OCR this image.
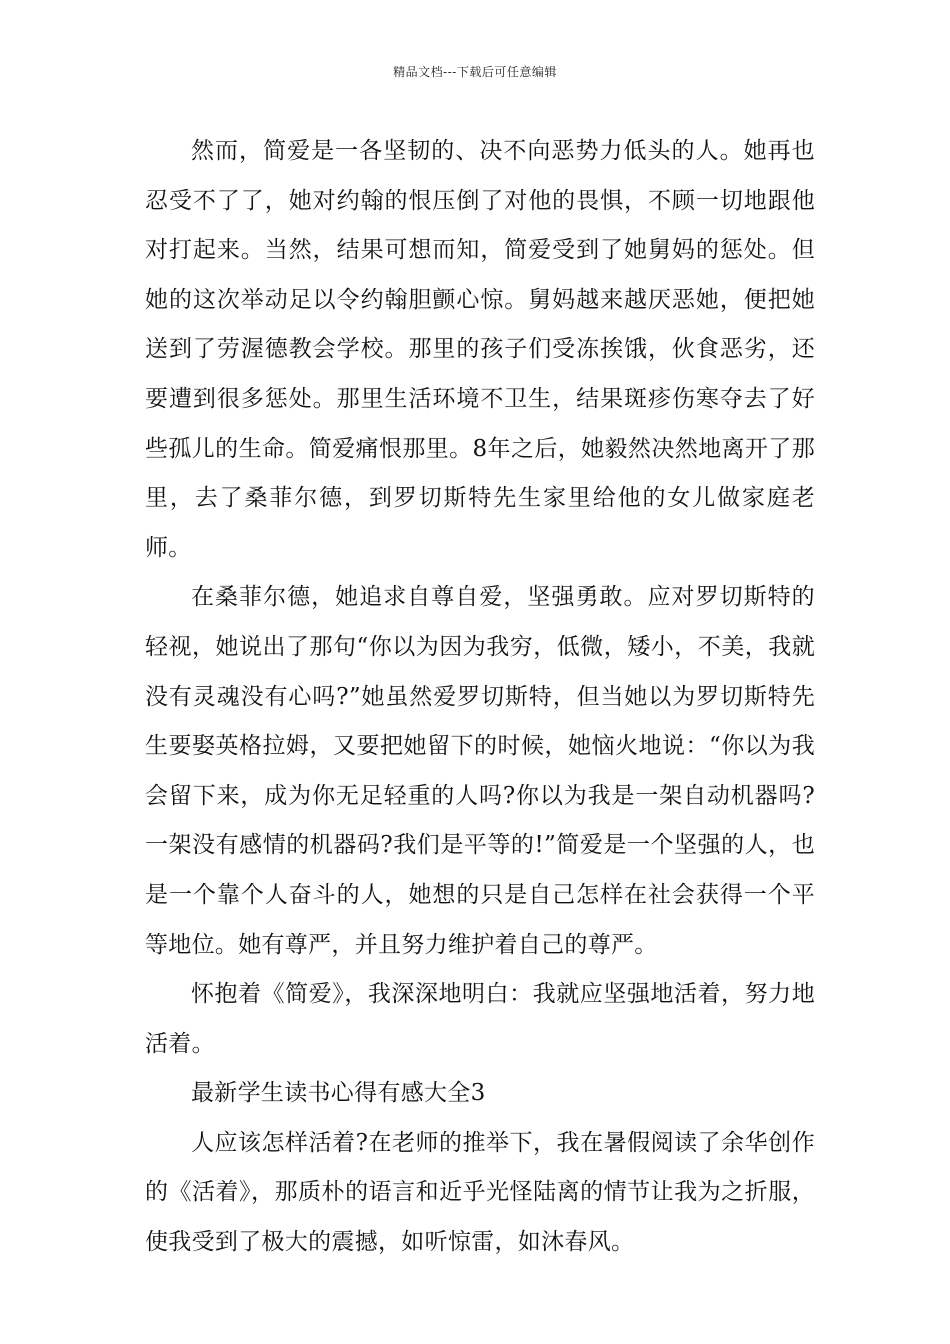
精品文档---下载后可任意编辑

然而，简爱是一各坚韧的、决不向恶势力低头的人。她再也忍受不了了，她对约翰的恨压倒了对他的畏惧，不顾一切地跟他对打起来。当然，结果可想而知，简爱受到了她舅妈的惩处。但她的这次举动足以令约翰胆颤心惊。舅妈越来越厌恶她，便把她送到了劳渥德教会学校。那里的孩子们受冻挨饿，伙食恶劣，还要遭到很多惩处。那里生活环境不卫生，结果斑疹伤寒夺去了好些孤儿的生命。简爱痛恨那里。8年之后，她毅然决然地离开了那里，去了桑菲尔德，到罗切斯特先生家里给他的女儿做家庭老师。

在桑菲尔德，她追求自尊自爱，坚强勇敢。应对罗切斯特的轻视，她说出了那句“你以为因为我穷，低微，矮小，不美，我就没有灵魂没有心吗?”她虽然爱罗切斯特，但当她以为罗切斯特先生要娶英格拉姆，又要把她留下的时候，她恼火地说：“你以为我会留下来，成为你无足轻重的人吗?你以为我是一架自动机器吗?一架没有感情的机器码?我们是平等的!”简爱是一个坚强的人，也是一个靠个人奋斗的人，她想的只是自己怎样在社会获得一个平等地位。她有尊严，并且努力维护着自己的尊严。

怀抱着《简爱》，我深深地明白：我就应坚强地活着，努力地活着。

最新学生读书心得有感大全3

人应该怎样活着?在老师的推举下，我在暑假阅读了余华创作的《活着》，那质朴的语言和近乎光怪陆离的情节让我为之折服，使我受到了极大的震撼，如听惊雷，如沐春风。
